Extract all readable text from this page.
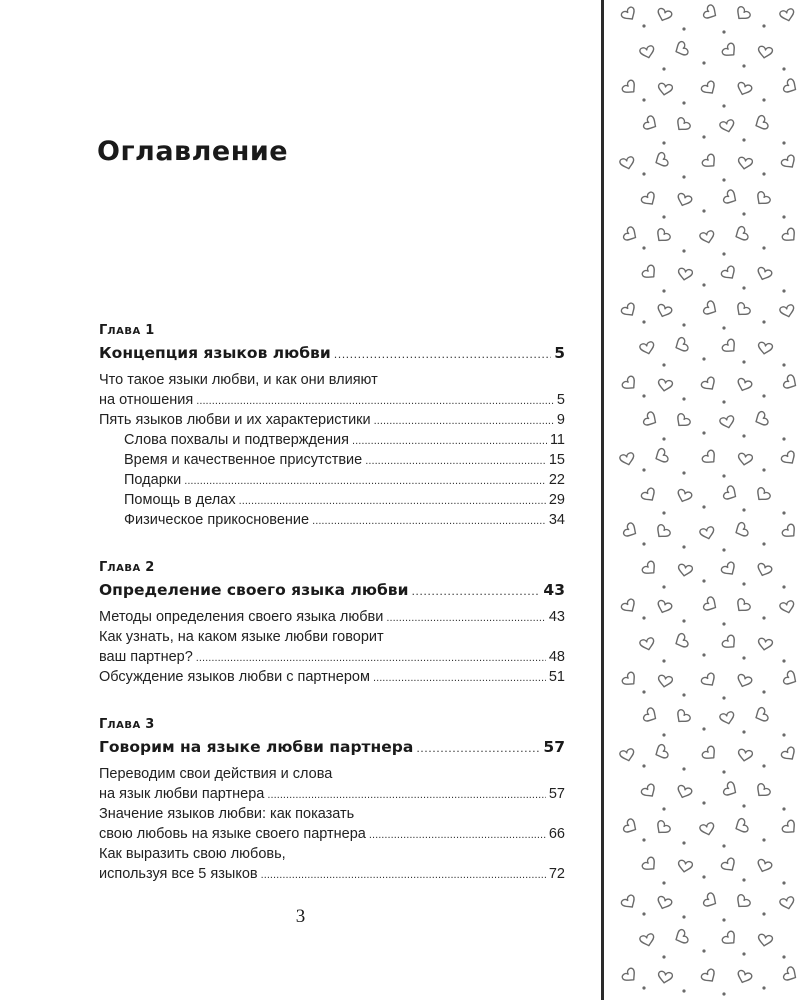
Оглавление
ГЛАВА 1
Концепция языков любви . . .	5
Что такое языки любви, и как они влияют
на отношения . . .	5
Пять языков любви и их характеристики . . .	9
Слова похвалы и подтверждения . . .	11
Время и качественное присутствие . . .	15
Подарки . . .	22
Помощь в делах . . .	29
Физическое прикосновение . . .	34
ГЛАВА 2
Определение своего языка любви . . .	43
Методы определения своего языка любви . . .	43
Как узнать, на каком языке любви говорит
ваш партнер? . . .	48
Обсуждение языков любви с партнером . . .	51
ГЛАВА 3
Говорим на языке любви партнера . . .	57
Переводим свои действия и слова
на язык любви партнера . . .	57
Значение языков любви: как показать
свою любовь на языке своего партнера . . .	66
Как выразить свою любовь,
используя все 5 языков . . .	72
3
